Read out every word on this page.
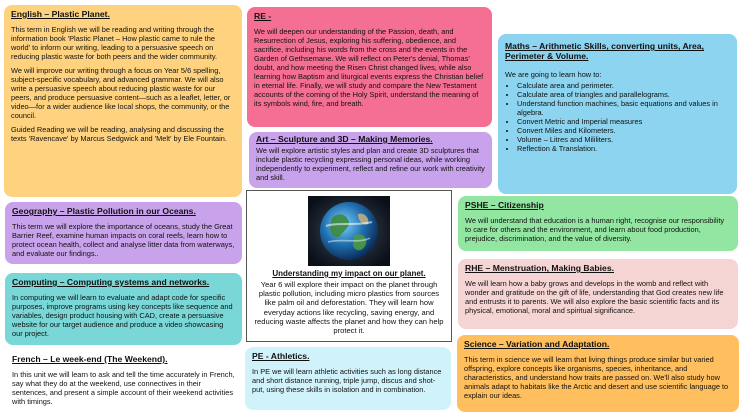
English – Plastic Planet.

This term in English we will be reading and writing through the information book 'Plastic Planet – How plastic came to rule the world' to inform our writing, leading to a persuasive speech on reducing plastic waste for both peers and the wider community.

We will improve our writing through a focus on Year 5/6 spelling, subject-specific vocabulary, and advanced grammar. We will also write a persuasive speech about reducing plastic waste for our peers, and produce persuasive content—such as a leaflet, letter, or video—for a wider audience like local shops, the community, or the council.

Guided Reading we will be reading, analysing and discussing the texts 'Ravencave' by Marcus Sedgwick and 'Melt' by Ele Fountain.

RE -

We will deepen our understanding of the Passion, death, and Resurrection of Jesus, exploring his suffering, obedience, and sacrifice, including his words from the cross and the events in the Garden of Gethsemane. We will reflect on Peter's denial, Thomas' doubt, and how meeting the Risen Christ changed lives, while also learning how Baptism and liturgical events express the Christian belief in eternal life. Finally, we will study and compare the New Testament accounts of the coming of the Holy Spirit, understand the meaning of its symbols wind, fire, and breath.

Maths – Arithmetic Skills, converting units, Area, Perimeter & Volume.

We are going to learn how to:

• Calculate area and perimeter.
• Calculate area of triangles and parallelograms.
• Understand function machines, basic equations and values in algebra.
• Convert Metric and Imperial measures
• Convert Miles and Kilometers.
• Volume – Litres and Mililiters.
• Reflection & Translation.
Art – Sculpture and 3D – Making Memories.

We will explore artistic styles and plan and create 3D sculptures that include plastic recycling expressing personal ideas, while working independently to experiment, reflect and refine our work with creativity and skill.

Geography – Plastic Pollution in our Oceans.

This term we will explore the importance of oceans, study the Great Barrier Reef, examine human impacts on coral reefs, learn how to protect ocean health, collect and analyse litter data from waterways, and evaluate our findings..

Understanding my impact on our planet.
Year 6 will explore their impact on the planet through plastic pollution, including micro plastics from sources like palm oil and deforestation. They will learn how everyday actions like recycling, saving energy, and reducing waste affects the planet and how they can help protect it.
PSHE – Citizenship

We will understand that education is a human right, recognise our responsibility to care for others and the environment, and learn about food production, prejudice, discrimination, and the value of diversity.

Computing – Computing systems and networks.

In computing we will learn to evaluate and adapt code for specific purposes, improve programs using key concepts like sequence and variables, design product housing with CAD, create a persuasive website for our target audience and produce a video showcasing our project.

RHE – Menstruation, Making Babies.

We will learn how a baby grows and develops in the womb and reflect with wonder and gratitude on the gift of life, understanding that God creates new life and entrusts it to parents. We will also explore the basic scientific facts and its physical, emotional, moral and spiritual significance.

French – Le week-end (The Weekend).

In this unit we will learn to ask and tell the time accurately in French, say what they do at the weekend, use connectives in their sentences, and present a simple account of their weekend activities with timings.

PE - Athletics.

In PE we will learn athletic activities such as long distance and short distance running, triple jump, discus and shot-put, using these skills in isolation and in combination.

Science – Variation and Adaptation.

This term in science we will learn that living things produce similar but varied offspring, explore concepts like organisms, species, inheritance, and characteristics, and understand how traits are passed on. We'll also study how animals adapt to habitats like the Arctic and desert and use scientific language to explain our ideas.
